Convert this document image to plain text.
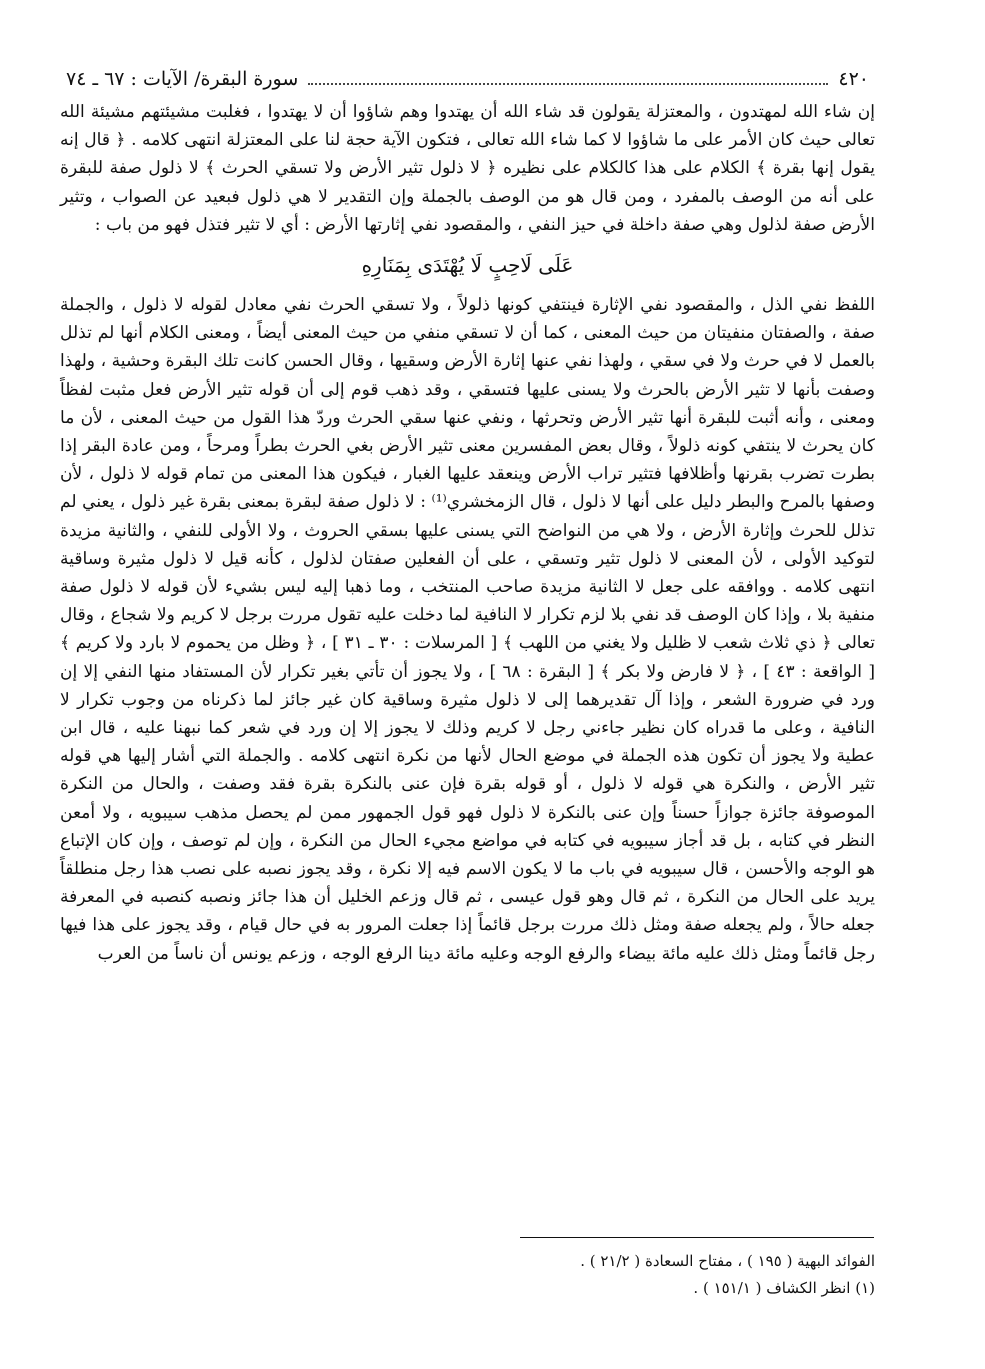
٤٢٠
سورة البقرة/ الآيات : ٦٧ ـ ٧٤

إن شاء الله لمهتدون ، والمعتزلة يقولون قد شاء الله أن يهتدوا وهم شاؤوا أن لا يهتدوا ، فغلبت مشيئتهم مشيئة الله تعالى حيث كان الأمر على ما شاؤوا لا كما شاء الله تعالى ، فتكون الآية حجة لنا على المعتزلة انتهى كلامه . ﴿ قال إنه يقول إنها بقرة ﴾ الكلام على هذا كالكلام على نظيره ﴿ لا ذلول تثير الأرض ولا تسقي الحرث ﴾ لا ذلول صفة للبقرة على أنه من الوصف بالمفرد ، ومن قال هو من الوصف بالجملة وإن التقدير لا هي ذلول فبعيد عن الصواب ، وتثير الأرض صفة لذلول وهي صفة داخلة في حيز النفي ، والمقصود نفي إثارتها الأرض : أي لا تثير فتذل فهو من باب :

عَلَى لَاحِبٍ لَا يُهْتَدَى بِمَنَارِهِ

اللفظ نفي الذل ، والمقصود نفي الإثارة فينتفي كونها ذلولاً ، ولا تسقي الحرث نفي معادل لقوله لا ذلول ، والجملة صفة ، والصفتان منفيتان من حيث المعنى ، كما أن لا تسقي منفي من حيث المعنى أيضاً ، ومعنى الكلام أنها لم تذلل بالعمل لا في حرث ولا في سقي ، ولهذا نفي عنها إثارة الأرض وسقيها ، وقال الحسن كانت تلك البقرة وحشية ، ولهذا وصفت بأنها لا تثير الأرض بالحرث ولا يسنى عليها فتسقي ، وقد ذهب قوم إلى أن قوله تثير الأرض فعل مثبت لفظاً ومعنى ، وأنه أثبت للبقرة أنها تثير الأرض وتحرثها ، ونفي عنها سقي الحرث وردّ هذا القول من حيث المعنى ، لأن ما كان يحرث لا ينتفي كونه ذلولاً ، وقال بعض المفسرين معنى تثير الأرض بغي الحرث بطراً ومرحاً ، ومن عادة البقر إذا بطرت تضرب بقرنها وأظلافها فتثير تراب الأرض وينعقد عليها الغبار ، فيكون هذا المعنى من تمام قوله لا ذلول ، لأن وصفها بالمرح والبطر دليل على أنها لا ذلول ، قال الزمخشري⁽¹⁾ : لا ذلول صفة لبقرة بمعنى بقرة غير ذلول ، يعني لم تذلل للحرث وإثارة الأرض ، ولا هي من النواضح التي يسنى عليها بسقي الحروث ، ولا الأولى للنفي ، والثانية مزيدة لتوكيد الأولى ، لأن المعنى لا ذلول تثير وتسقي ، على أن الفعلين صفتان لذلول ، كأنه قيل لا ذلول مثيرة وساقية انتهى كلامه . ووافقه على جعل لا الثانية مزيدة صاحب المنتخب ، وما ذهبا إليه ليس بشيء لأن قوله لا ذلول صفة منفية بلا ، وإذا كان الوصف قد نفي بلا لزم تكرار لا النافية لما دخلت عليه تقول مررت برجل لا كريم ولا شجاع ، وقال تعالى ﴿ ذي ثلاث شعب لا ظليل ولا يغني من اللهب ﴾ [ المرسلات : ٣٠ ـ ٣١ ] ، ﴿ وظل من يحموم لا بارد ولا كريم ﴾ [ الواقعة : ٤٣ ] ، ﴿ لا فارض ولا بكر ﴾ [ البقرة : ٦٨ ] ، ولا يجوز أن تأتي بغير تكرار لأن المستفاد منها النفي إلا إن ورد في ضرورة الشعر ، وإذا آل تقديرهما إلى لا ذلول مثيرة وساقية كان غير جائز لما ذكرناه من وجوب تكرار لا النافية ، وعلى ما قدراه كان نظير جاءني رجل لا كريم وذلك لا يجوز إلا إن ورد في شعر كما نبهنا عليه ، قال ابن عطية ولا يجوز أن تكون هذه الجملة في موضع الحال لأنها من نكرة انتهى كلامه . والجملة التي أشار إليها هي قوله تثير الأرض ، والنكرة هي قوله لا ذلول ، أو قوله بقرة فإن عنى بالنكرة بقرة فقد وصفت ، والحال من النكرة الموصوفة جائزة جوازاً حسناً وإن عنى بالنكرة لا ذلول فهو قول الجمهور ممن لم يحصل مذهب سيبويه ، ولا أمعن النظر في كتابه ، بل قد أجاز سيبويه في كتابه في مواضع مجيء الحال من النكرة ، وإن لم توصف ، وإن كان الإتباع هو الوجه والأحسن ، قال سيبويه في باب ما لا يكون الاسم فيه إلا نكرة ، وقد يجوز نصبه على نصب هذا رجل منطلقاً يريد على الحال من النكرة ، ثم قال وهو قول عيسى ، ثم قال وزعم الخليل أن هذا جائز ونصبه كنصبه في المعرفة جعله حالاً ، ولم يجعله صفة ومثل ذلك مررت برجل قائماً إذا جعلت المرور به في حال قيام ، وقد يجوز على هذا فيها رجل قائماً ومثل ذلك عليه مائة بيضاء والرفع الوجه وعليه مائة دينا الرفع الوجه ، وزعم يونس أن ناساً من العرب

الفوائد البهية ( ١٩٥ ) ، مفتاح السعادة ( ٢١/٢ ) .

(١) انظر الكشاف ( ١٥١/١ ) .
